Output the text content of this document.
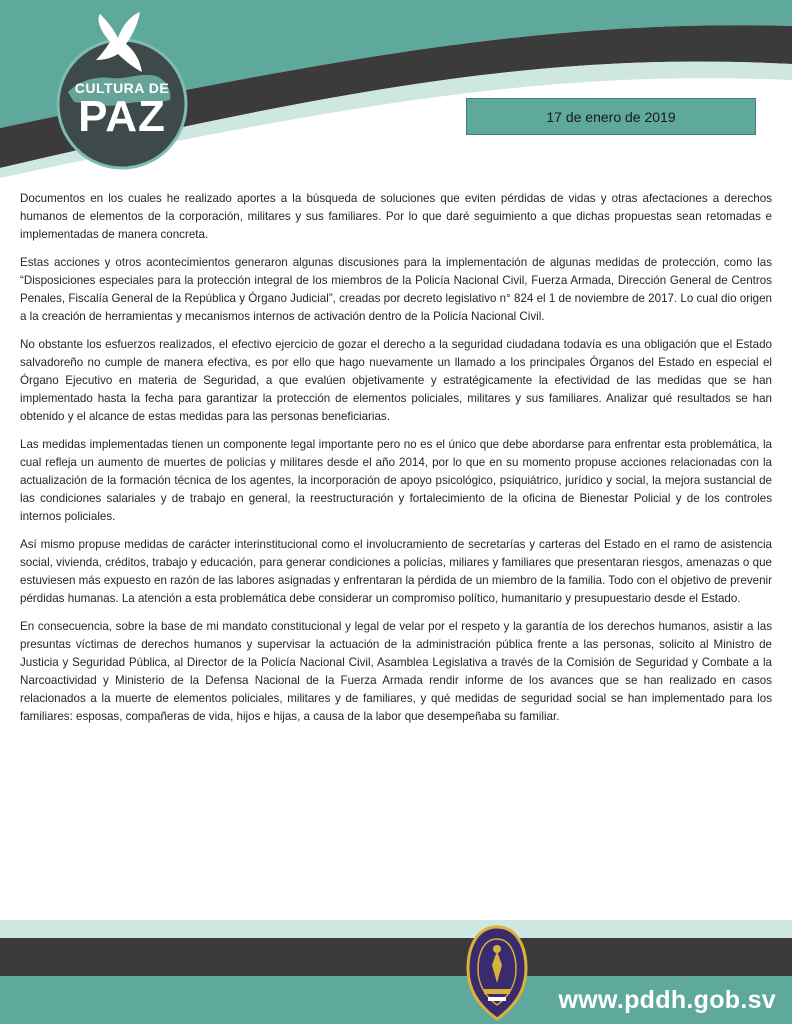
CULTURA DE
PAZ	17 de enero de 2019

Documentos en los cuales he realizado aportes a la búsqueda de soluciones que eviten pérdidas de vidas y otras afectaciones a derechos humanos de elementos de la corporación, militares y sus familiares. Por lo que daré seguimiento a que dichas propuestas sean retomadas e implementadas de manera concreta.

Estas acciones y otros acontecimientos generaron algunas discusiones para la implementación de algunas medidas de protección, como las “Disposiciones especiales para la protección integral de los miembros de la Policía Nacional Civil, Fuerza Armada, Dirección General de Centros Penales, Fiscalía General de la República y Órgano Judicial”, creadas por decreto legislativo n° 824 el 1 de noviembre de 2017. Lo cual dio origen a la creación de herramientas y mecanismos internos de activación dentro de la Policía Nacional Civil.

No obstante los esfuerzos realizados, el efectivo ejercicio de gozar el derecho a la seguridad ciudadana todavía es una obligación que el Estado salvadoreño no cumple de manera efectiva, es por ello que hago nuevamente un llamado a los principales Órganos del Estado en especial el Órgano Ejecutivo en materia de Seguridad, a que evalúen objetivamente y estratégicamente la efectividad de las medidas que se han implementado hasta la fecha para garantizar la protección de elementos policiales, militares y sus familiares. Analizar qué resultados se han obtenido y el alcance de estas medidas para las personas beneficiarias.

Las medidas implementadas tienen un componente legal importante pero no es el único que debe abordarse para enfrentar esta problemática, la cual refleja un aumento de muertes de policías y militares desde el año 2014, por lo que en su momento propuse acciones relacionadas con la actualización de la formación técnica de los agentes, la incorporación de apoyo psicológico, psiquiátrico, jurídico y social, la mejora sustancial de las condiciones salariales y de trabajo en general, la reestructuración y fortalecimiento de la oficina de Bienestar Policial y de los controles internos policiales.

Así mismo propuse medidas de carácter interinstitucional como el involucramiento de secretarías y carteras del Estado en el ramo de asistencia social, vivienda, créditos, trabajo y educación, para generar condiciones a policías, miliares y familiares que presentaran riesgos, amenazas o que estuviesen más expuesto en razón de las labores asignadas y enfrentaran la pérdida de un miembro de la familia. Todo con el objetivo de prevenir pérdidas humanas. La atención a esta problemática debe considerar un compromiso político, humanitario y presupuestario desde el Estado.

En consecuencia, sobre la base de mi mandato constitucional y legal de velar por el respeto y la garantía de los derechos humanos, asistir a las presuntas víctimas de derechos humanos y supervisar la actuación de la administración pública frente a las personas, solicito al Ministro de Justicia y Seguridad Pública, al Director de la Policía Nacional Civil, Asamblea Legislativa a través de la Comisión de Seguridad y Combate a la Narcoactividad y Ministerio de la Defensa Nacional de la Fuerza Armada rendir informe de los avances que se han realizado en casos relacionados a la muerte de elementos policiales, militares y de familiares, y qué medidas de seguridad social se han implementado para los familiares: esposas, compañeras de vida, hijos e hijas, a causa de la labor que desempeñaba su familiar.

www.pddh.gob.sv
